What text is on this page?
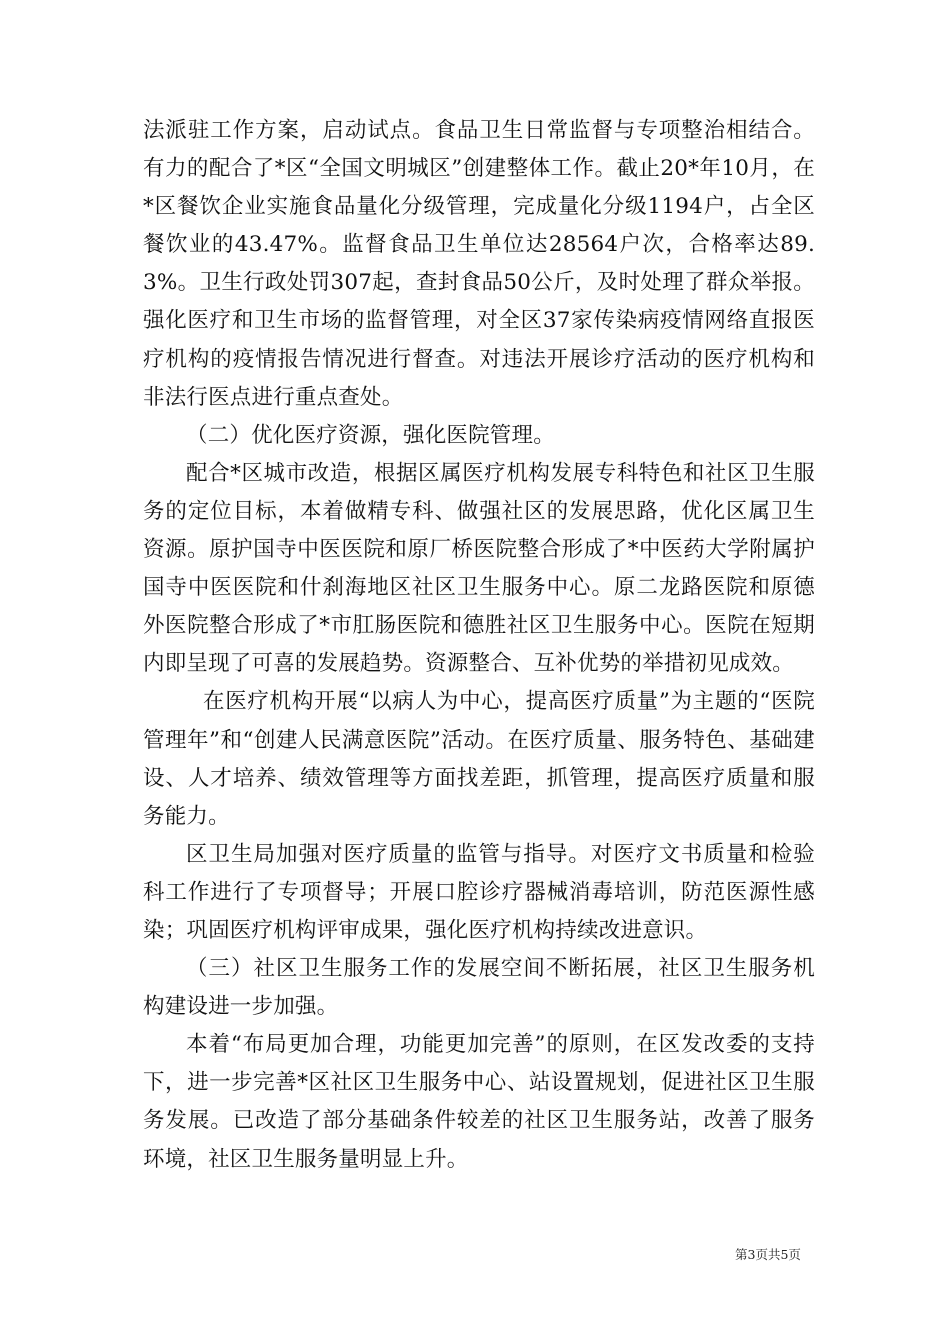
法派驻工作方案，启动试点。食品卫生日常监督与专项整治相结合。有力的配合了*区“全国文明城区”创建整体工作。截止20*年10月，在*区餐饮企业实施食品量化分级管理，完成量化分级1194户，占全区餐饮业的43.47%。监督食品卫生单位达28564户次，合格率达89.3%。卫生行政处罚307起，查封食品50公斤，及时处理了群众举报。强化医疗和卫生市场的监督管理，对全区37家传染病疫情网络直报医疗机构的疫情报告情况进行督查。对违法开展诊疗活动的医疗机构和非法行医点进行重点查处。

（二）优化医疗资源，强化医院管理。

配合*区城市改造，根据区属医疗机构发展专科特色和社区卫生服务的定位目标，本着做精专科、做强社区的发展思路，优化区属卫生资源。原护国寺中医医院和原厂桥医院整合形成了*中医药大学附属护国寺中医医院和什刹海地区社区卫生服务中心。原二龙路医院和原德外医院整合形成了*市肛肠医院和德胜社区卫生服务中心。医院在短期内即呈现了可喜的发展趋势。资源整合、互补优势的举措初见成效。

在医疗机构开展“以病人为中心，提高医疗质量”为主题的“医院管理年”和“创建人民满意医院”活动。在医疗质量、服务特色、基础建设、人才培养、绩效管理等方面找差距，抓管理，提高医疗质量和服务能力。

区卫生局加强对医疗质量的监管与指导。对医疗文书质量和检验科工作进行了专项督导；开展口腔诊疗器械消毒培训，防范医源性感染；巩固医疗机构评审成果，强化医疗机构持续改进意识。

（三）社区卫生服务工作的发展空间不断拓展，社区卫生服务机构建设进一步加强。

本着“布局更加合理，功能更加完善”的原则，在区发改委的支持下，进一步完善*区社区卫生服务中心、站设置规划，促进社区卫生服务发展。已改造了部分基础条件较差的社区卫生服务站，改善了服务环境，社区卫生服务量明显上升。

第3页共5页
